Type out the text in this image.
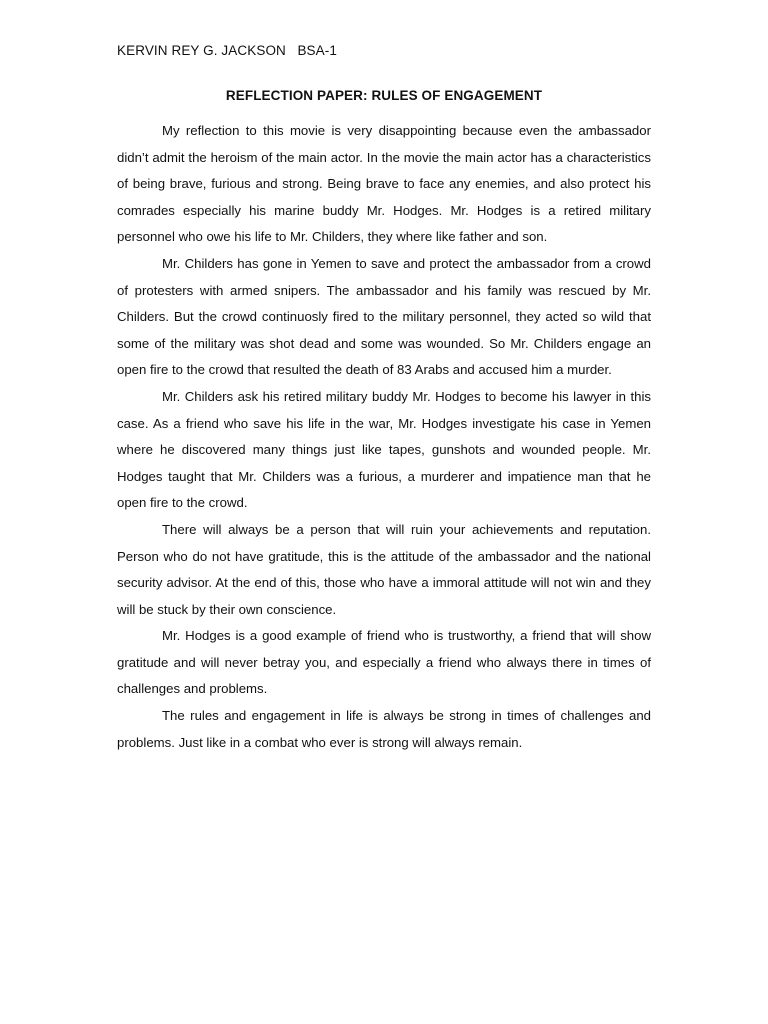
KERVIN REY G. JACKSON   BSA-1
REFLECTION PAPER: RULES OF ENGAGEMENT

My reflection to this movie is very disappointing because even the ambassador didn’t admit the heroism of the main actor. In the movie the main actor has a characteristics of being brave, furious and strong. Being brave to face any enemies, and also protect his comrades especially his marine buddy Mr. Hodges. Mr. Hodges is a retired military personnel who owe his life to Mr. Childers, they where like father and son.

Mr. Childers has gone in Yemen to save and protect the ambassador from a crowd of protesters with armed snipers. The ambassador and his family was rescued by Mr. Childers. But the crowd continuosly fired to the military personnel, they acted so wild that some of the military was shot dead and some was wounded. So Mr. Childers engage an open fire to the crowd that resulted the death of 83 Arabs and accused him a murder.

Mr. Childers ask his retired military buddy Mr. Hodges to become his lawyer in this case. As a friend who save his life in the war, Mr. Hodges investigate his case in Yemen where he discovered many things just like tapes, gunshots and wounded people. Mr. Hodges taught that Mr. Childers was a furious, a murderer and impatience man that he open fire to the crowd.

There will always be a person that will ruin your achievements and reputation. Person who do not have gratitude, this is the attitude of the ambassador and the national security advisor. At the end of this, those who have a immoral attitude will not win and they will be stuck by their own conscience.

Mr. Hodges is a good example of friend who is trustworthy, a friend that will show gratitude and will never betray you, and especially a friend who always there in times of challenges and problems.

The rules and engagement in life is always be strong in times of challenges and problems. Just like in a combat who ever is strong will always remain.
